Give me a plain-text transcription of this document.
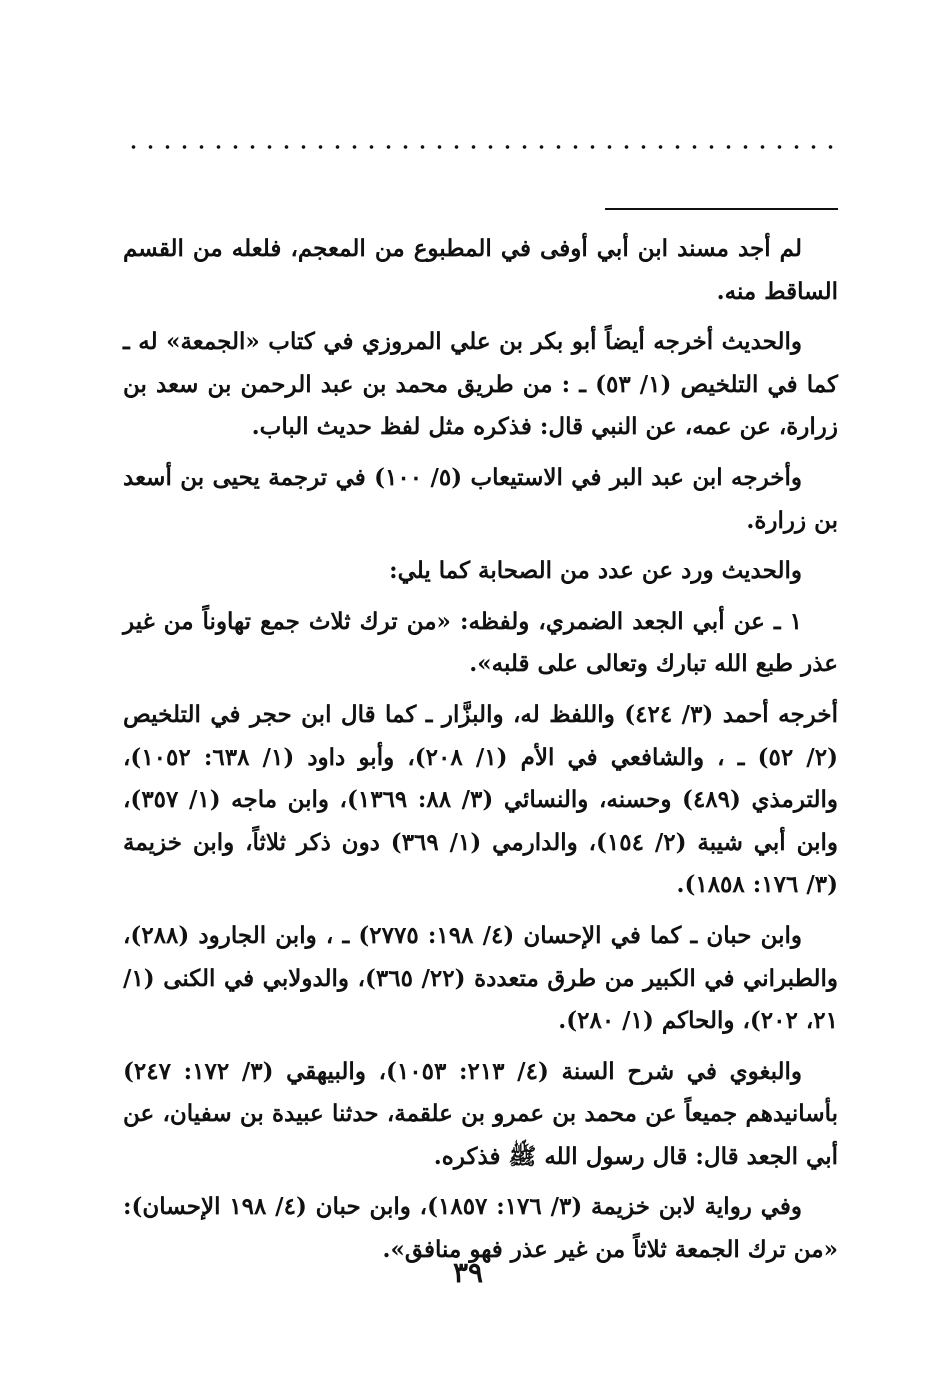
لم أجد مسند ابن أبي أوفى في المطبوع من المعجم، فلعله من القسم الساقط منه.

والحديث أخرجه أيضاً أبو بكر بن علي المروزي في كتاب «الجمعة» له ـ كما في التلخيص (١/ ٥٣) ـ : من طريق محمد بن عبد الرحمن بن سعد بن زرارة، عن عمه، عن النبي قال: فذكره مثل لفظ حديث الباب.

وأخرجه ابن عبد البر في الاستيعاب (٥/ ١٠٠) في ترجمة يحيى بن أسعد بن زرارة.

والحديث ورد عن عدد من الصحابة كما يلي:

١ ـ عن أبي الجعد الضمري، ولفظه: «من ترك ثلاث جمع تهاوناً من غير عذر طبع الله تبارك وتعالى على قلبه».

أخرجه أحمد (٣/ ٤٢٤) واللفظ له، والبزَّار ـ كما قال ابن حجر في التلخيص (٢/ ٥٢) ـ ، والشافعي في الأم (١/ ٢٠٨)، وأبو داود (١/ ٦٣٨: ١٠٥٢)، والترمذي (٤٨٩) وحسنه، والنسائي (٣/ ٨٨: ١٣٦٩)، وابن ماجه (١/ ٣٥٧)، وابن أبي شيبة (٢/ ١٥٤)، والدارمي (١/ ٣٦٩) دون ذكر ثلاثاً، وابن خزيمة (٣/ ١٧٦: ١٨٥٨).

وابن حبان ـ كما في الإحسان (٤/ ١٩٨: ٢٧٧٥) ـ ، وابن الجارود (٢٨٨)، والطبراني في الكبير من طرق متعددة (٢٢/ ٣٦٥)، والدولابي في الكنى (١/ ٢١، ٢٠٢)، والحاكم (١/ ٢٨٠).

والبغوي في شرح السنة (٤/ ٢١٣: ١٠٥٣)، والبيهقي (٣/ ١٧٢: ٢٤٧) بأسانيدهم جميعاً عن محمد بن عمرو بن علقمة، حدثنا عبيدة بن سفيان، عن أبي الجعد قال: قال رسول الله ﷺ فذكره.

وفي رواية لابن خزيمة (٣/ ١٧٦: ١٨٥٧)، وابن حبان (٤/ ١٩٨ الإحسان): «من ترك الجمعة ثلاثاً من غير عذر فهو منافق».

٣٩
